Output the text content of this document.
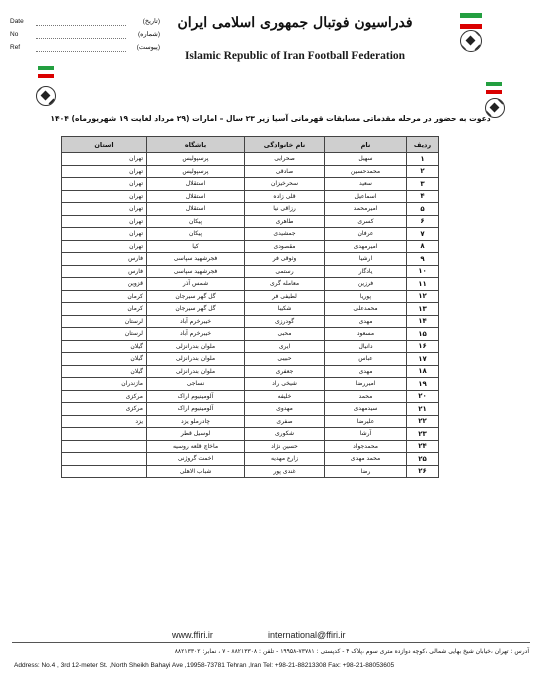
Date	(تاريخ)
No	(شماره)
Ref	(پيوست)
فدراسيون فوتبال جمهوری اسلامی ايران
Islamic Republic of Iran Football Federation
دعوت به حضور در مرحله مقدماتی مسابقات قهرمانی آسیا زیر ۲۳ سال – امارات (۲۹ مرداد لغایت ۱۹ شهریورماه) ۱۴۰۴
ردیف	نام	نام خانوادگی	باشگاه	استان
۱	سهیل	صحرایی	پرسپولیس	تهران
۲	محمدحسین	صادقی	پرسپولیس	تهران
۳	سعید	سحرخیزان	استقلال	تهران
۴	اسماعیل	قلی زاده	استقلال	تهران
۵	امیرمحمد	رزاقی نیا	استقلال	تهران
۶	کسری	طاهری	پیکان	تهران
۷	عرفان	جمشیدی	پیکان	تهران
۸	امیرمهدی	مقصودی	کیا	تهران
۹	ارشیا	وثوقی فر	فجرشهید سپاسی	فارس
۱۰	یادگار	رستمی	فجرشهید سپاسی	فارس
۱۱	فرزین	معامله گری	شمس آذر	قزوین
۱۲	پوریا	لطیفی فر	گل گهر سیرجان	کرمان
۱۳	محمدعلی	شکیبا	گل گهر سیرجان	کرمان
۱۴	مهدی	گودرزی	خیبرخرم آباد	لرستان
۱۵	مسعود	محبی	خیبرخرم آباد	لرستان
۱۶	دانیال	ایری	ملوان بندرانزلی	گیلان
۱۷	عباس	حبیبی	ملوان بندرانزلی	گیلان
۱۸	مهدی	جعفری	ملوان بندرانزلی	گیلان
۱۹	امیررضا	شیخی راد	نساجی	مازندران
۲۰	محمد	خلیفه	آلومینیوم اراک	مرکزی
۲۱	سیدمهدی	مهدوی	آلومینیوم اراک	مرکزی
۲۲	علیرضا	صفری	چادرملو یزد	یزد
۲۳	آرشا	شکوری	لوسیل قطر	
۲۴	محمدجواد	حسین نژاد	ماخاچ قلعه روسیه	
۲۵	محمد مهدی	زارع مهدیه	اخمت گروژنی	
۲۶	رضا	غندی پور	شباب الاهلی	
www.ffiri.ir	international@ffiri.ir
آدرس : تهران ،خیابان شیخ بهایی شمالی ،کوچه دوازده متری سوم ،پلاک ۴ - کدپستی : ۷۳۷۸۱-۱۹۹۵۸ - تلفن : ۸۸۲۱۳۳۰۸ - ۷ ، نمابر: ۸۸۲۱۳۳۰۲
Address: No.4 , 3rd 12-meter St. ,North Sheikh Bahayi Ave ,19958-73781 Tehran ,Iran Tel: +98-21-88213308 Fax: +98-21-88053605
